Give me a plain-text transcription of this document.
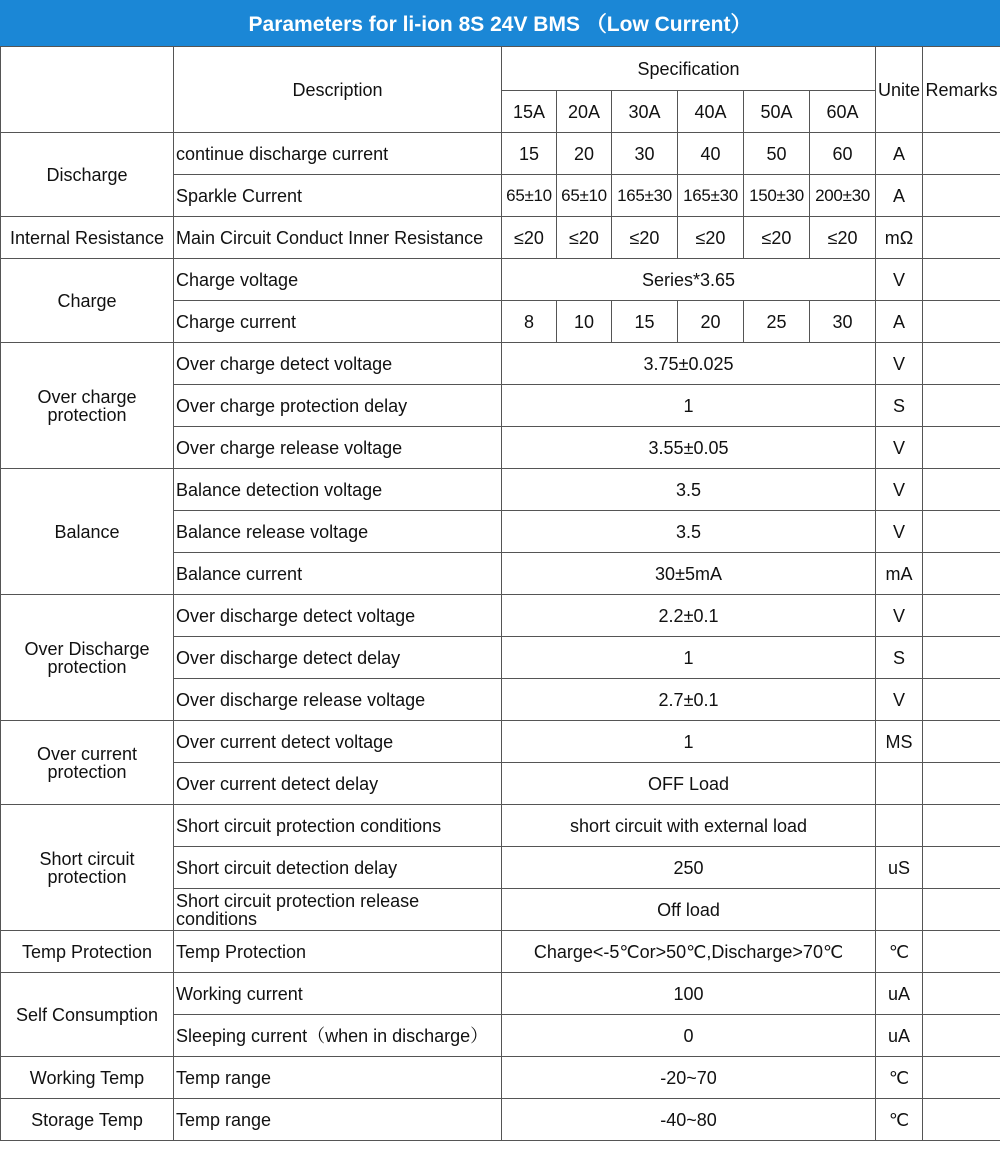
Parameters for li-ion 8S 24V BMS （Low Current）
	Description	Specification						Unite	Remarks
		15A	20A	30A	40A	50A	60A		
Discharge	continue discharge current	15	20	30	40	50	60	A	
	Sparkle Current	65±10	65±10	165±30	165±30	150±30	200±30	A	
Internal Resistance	Main Circuit Conduct Inner Resistance	≤20	≤20	≤20	≤20	≤20	≤20	mΩ	
Charge	Charge voltage	Series*3.65						V	
	Charge current	8	10	15	20	25	30	A	
Over charge protection	Over charge detect voltage	3.75±0.025						V	
	Over charge protection delay	1						S	
	Over charge release voltage	3.55±0.05						V	
Balance	Balance detection voltage	3.5						V	
	Balance release voltage	3.5						V	
	Balance current	30±5mA						mA	
Over Discharge protection	Over discharge detect voltage	2.2±0.1						V	
	Over discharge detect delay	1						S	
	Over discharge release voltage	2.7±0.1						V	
Over current protection	Over current detect voltage	1						MS	
	Over current detect delay	OFF Load							
Short circuit protection	Short circuit protection conditions	short circuit with external load							
	Short circuit detection delay	250						uS	
	Short circuit protection release conditions	Off load							
Temp Protection	Temp Protection	Charge<-5℃or>50℃,Discharge>70℃						℃	
Self Consumption	Working current	100						uA	
	Sleeping current（when in discharge）	0						uA	
Working Temp	Temp range	-20~70						℃	
Storage Temp	Temp range	-40~80						℃	
